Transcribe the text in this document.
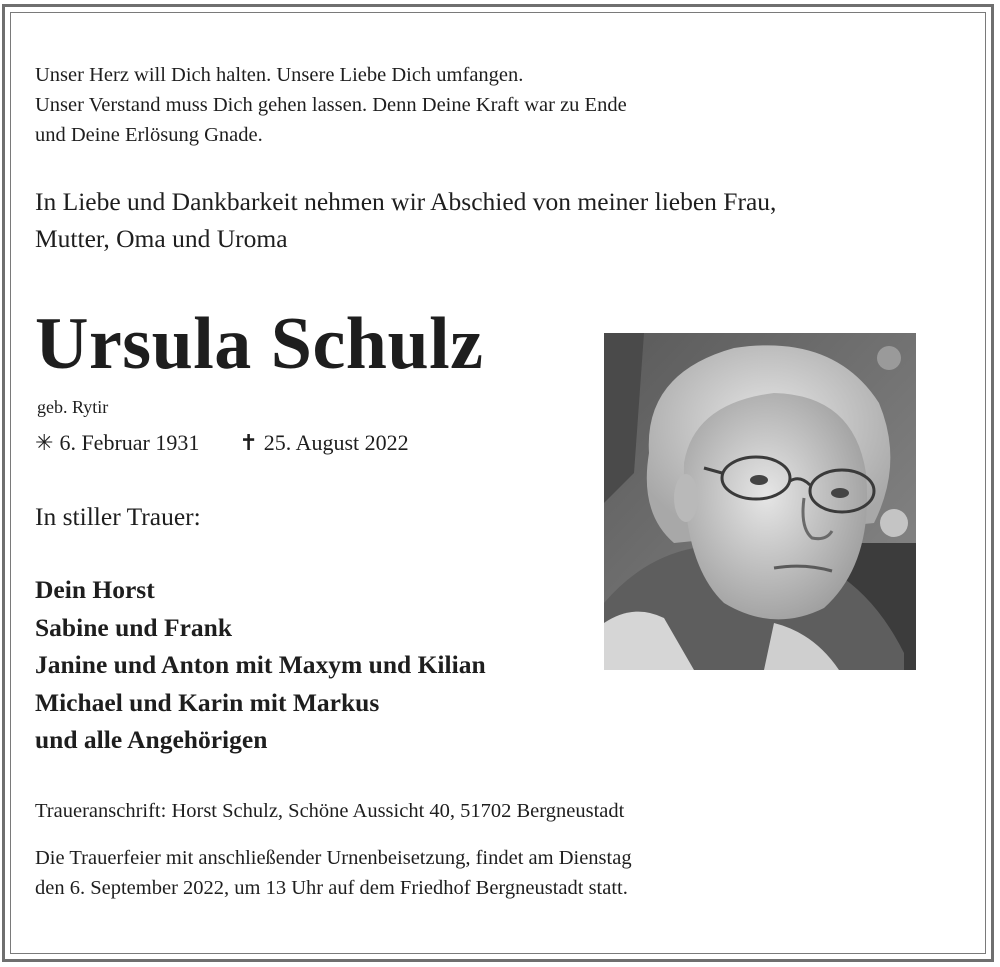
Unser Herz will Dich halten. Unsere Liebe Dich umfangen.
Unser Verstand muss Dich gehen lassen. Denn Deine Kraft war zu Ende
und Deine Erlösung Gnade.
In Liebe und Dankbarkeit nehmen wir Abschied von meiner lieben Frau,
Mutter, Oma und Uroma
Ursula Schulz
geb. Rytir
✳ 6. Februar 1931 ✝ 25. August 2022
In stiller Trauer:
Dein Horst
Sabine und Frank
Janine und Anton mit Maxym und Kilian
Michael und Karin mit Markus
und alle Angehörigen
Traueranschrift: Horst Schulz, Schöne Aussicht 40, 51702 Bergneustadt
Die Trauerfeier mit anschließender Urnenbeisetzung, findet am Dienstag
den 6. September 2022, um 13 Uhr auf dem Friedhof Bergneustadt statt.
